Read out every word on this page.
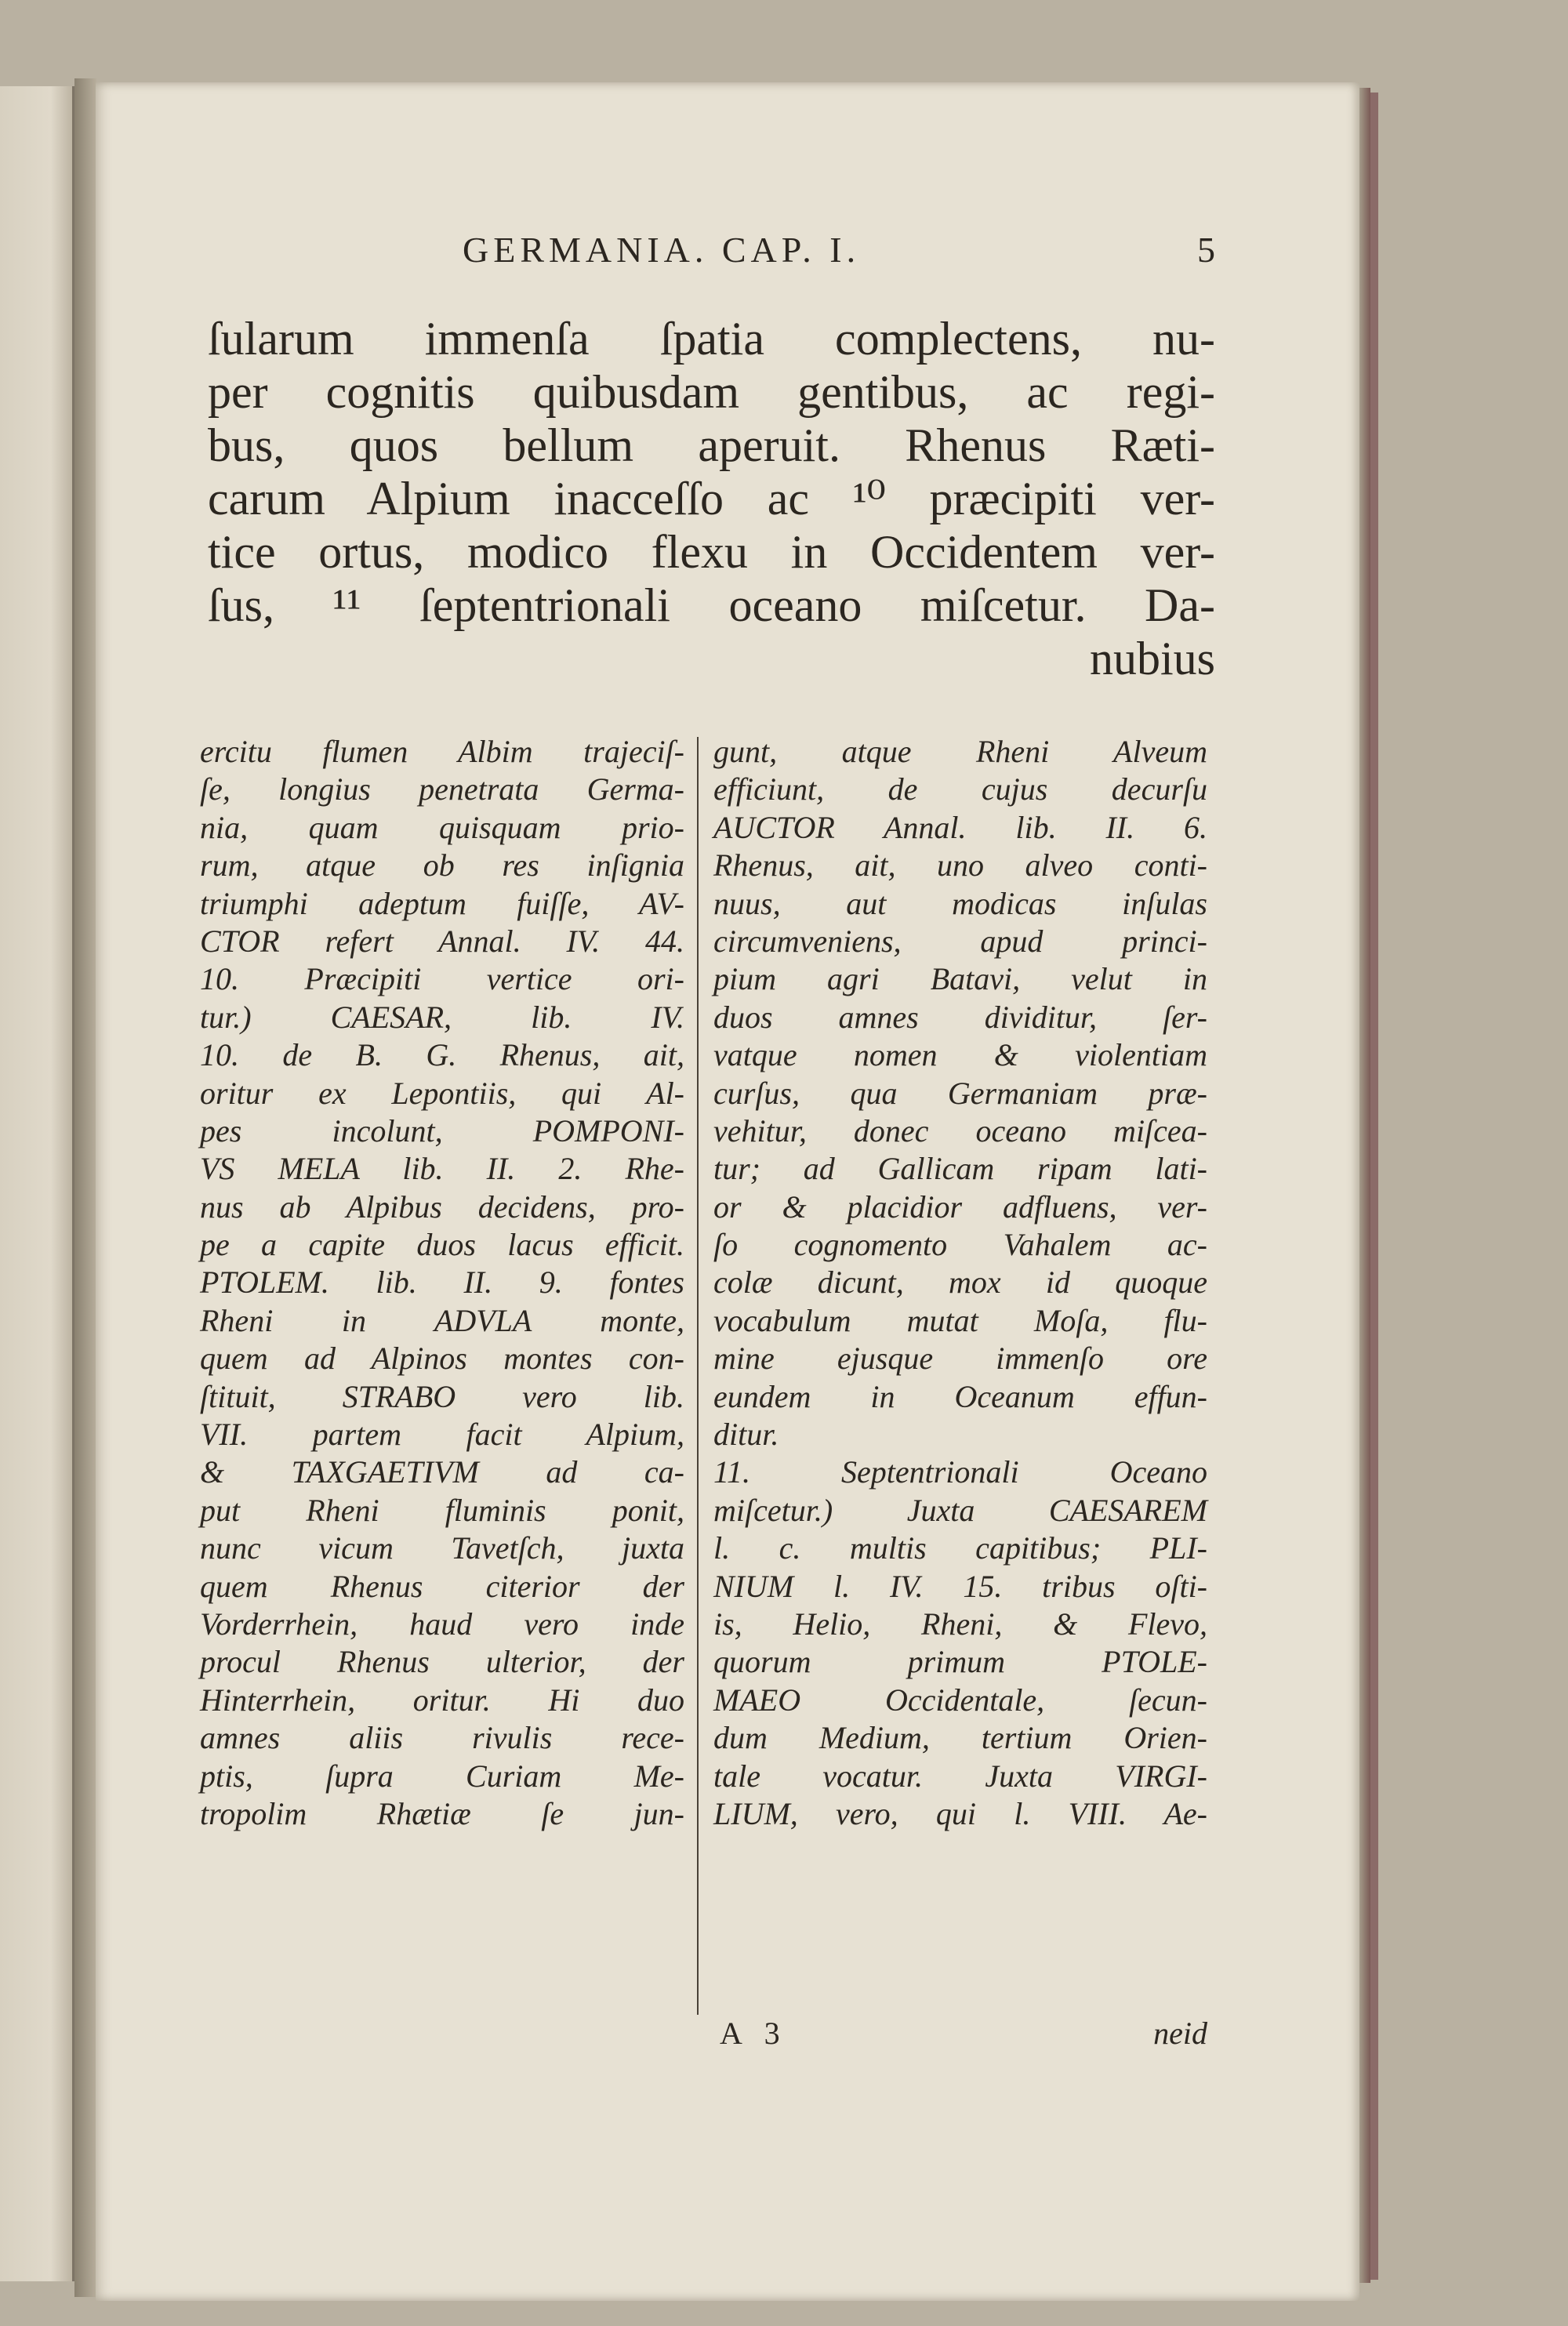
GERMANIA. CAP. I.	5
ſularum immenſa ſpatia complectens, nu-
per cognitis quibusdam gentibus, ac regi-
bus, quos bellum aperuit. Rhenus Ræti-
carum Alpium inacceſſo ac ¹⁰ præcipiti ver-
tice ortus, modico flexu in Occidentem ver-
ſus, ¹¹ ſeptentrionali oceano miſcetur. Da-
nubius
ercitu flumen Albim trajeciſ-
ſe, longius penetrata Germa-
nia, quam quisquam prio-
rum, atque ob res inſignia
triumphi adeptum fuiſſe, AV-
CTOR refert Annal. IV. 44.
10. Præcipiti vertice ori-
tur.) CAESAR, lib. IV.
10. de B. G. Rhenus, ait,
oritur ex Lepontiis, qui Al-
pes incolunt, POMPONI-
VS MELA lib. II. 2. Rhe-
nus ab Alpibus decidens, pro-
pe a capite duos lacus efficit.
PTOLEM. lib. II. 9. fontes
Rheni in ADVLA monte,
quem ad Alpinos montes con-
ſtituit, STRABO vero lib.
VII. partem facit Alpium,
& TAXGAETIVM ad ca-
put Rheni fluminis ponit,
nunc vicum Tavetſch, juxta
quem Rhenus citerior der
Vorderrhein, haud vero inde
procul Rhenus ulterior, der
Hinterrhein, oritur. Hi duo
amnes aliis rivulis rece-
ptis, ſupra Curiam Me-
tropolim Rhætiæ ſe jun-
gunt, atque Rheni Alveum
efficiunt, de cujus decurſu
AUCTOR Annal. lib. II. 6.
Rhenus, ait, uno alveo conti-
nuus, aut modicas inſulas
circumveniens, apud princi-
pium agri Batavi, velut in
duos amnes dividitur, ſer-
vatque nomen & violentiam
curſus, qua Germaniam præ-
vehitur, donec oceano miſcea-
tur; ad Gallicam ripam lati-
or & placidior adfluens, ver-
ſo cognomento Vahalem ac-
colæ dicunt, mox id quoque
vocabulum mutat Moſa, flu-
mine ejusque immenſo ore
eundem in Oceanum effun-
ditur.
11. Septentrionali Oceano
miſcetur.) Juxta CAESAREM
l. c. multis capitibus; PLI-
NIUM l. IV. 15. tribus oſti-
is, Helio, Rheni, & Flevo,
quorum primum PTOLE-
MAEO Occidentale, ſecun-
dum Medium, tertium Orien-
tale vocatur. Juxta VIRGI-
LIUM, vero, qui l. VIII. Ae-
A 3	neid
